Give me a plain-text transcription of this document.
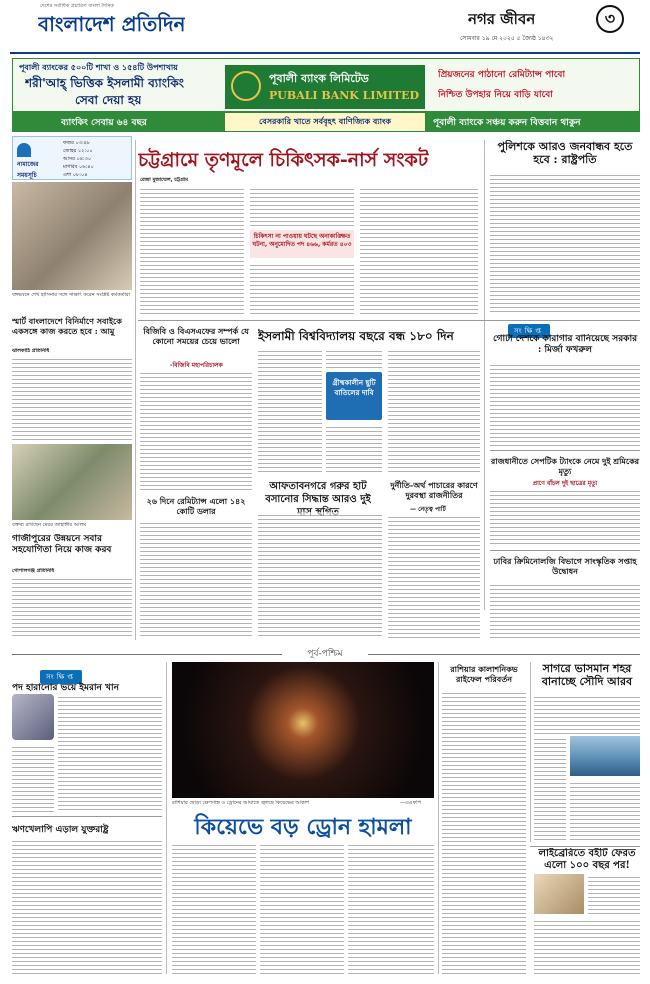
দেশের সর্বাধিক প্রচারিত বাংলা দৈনিক
বাংলাদেশ প্রতিদিন	নগর জীবন
সোমবার ১৯ মে ২০২৫ ৫ জ্যৈষ্ঠ ১৪৩২
৩
পূবালী ব্যাংকের ৫০০টি শাখা ও ১৫৪টি উপশাখায়
শরী'আহ্ ভিত্তিক ইসলামী ব্যাংকিং
সেবা দেয়া হয়
পূবালী ব্যাংক লিমিটেড
PUBALI BANK LIMITED
প্রিয়জনের পাঠানো রেমিট্যান্স পাবো
নিশ্চিত উপহার নিয়ে বাড়ি যাবো
ব্যাংকিং সেবায় ৬৪ বছর	বেসরকারি খাতে সর্ববৃহৎ বাণিজ্যিক ব্যাংক	পূবালী ব্যাংকে সঞ্চয় করুন বিত্তবান থাকুন
নামাজের সময়সূচি
ফজর ০৩:৪৮
জোহর ১২:০০
আসর ০৪:৩০
মাগরিব ০৬:৪০
এশা ০৮:০৪
বঙ্গভবনে শেখ হাসিনার সঙ্গে সাক্ষাৎ করেন সংশ্লিষ্ট কর্মকর্তারা
চট্টগ্রামে তৃণমূলে চিকিৎসক-নার্স সংকট
রেজা মুজাম্মেল, চট্টগ্রাম
চিকিৎসা না পাওয়ায় ঘটছে অনাকাঙ্ক্ষিত ঘটনা, অনুমোদিত পদ ৪৬৬, কর্মরত ৪০৩
পুলিশকে আরও জনবান্ধব হতে হবে : রাষ্ট্রপতি
স্মার্ট বাংলাদেশে বিনির্মাণে সবাইকে একসঙ্গে কাজ করতে হবে : আমু
ঝালকাঠি প্রতিনিধি
বক্তব্য রাখছেন মেয়র জাহাঙ্গীর আলম
গাজীপুরের উন্নয়নে সবার সহযোগিতা নিয়ে কাজ করব
গোপালগঞ্জ প্রতিনিধি
বিজিবি ও বিএসএফের সম্পর্ক যে কোনো সময়ের চেয়ে ভালো
-বিজিবি মহাপরিচালক
ইসলামী বিশ্ববিদ্যালয় বছরে বন্ধ ১৮০ দিন
গ্রীষ্মকালীন ছুটি বাতিলের দাবি
সংক্ষিপ্ত
গোটা দেশকে কারাগার বানিয়েছে সরকার : মির্জা ফখরুল
রাজধানীতে সেপটিক ট্যাংকে নেমে দুই শ্রমিকের মৃত্যু
প্রাণে বাঁচল দুই ছাত্রের মৃত্যু
ঢাবির ক্রিমিনোলজি বিভাগে সাংস্কৃতিক সপ্তাহ উদ্বোধন
২৬ দিনে রেমিট্যান্স এলো ১৪২ কোটি ডলার
আফতাবনগরে গরুর হাট বসানোর সিদ্ধান্ত আরও দুই
দুর্নীতি-অর্থ পাচারের কারণে দুরবস্থা রাজনীতির
— নেতৃত্ব পার্টি
পূর্ব-পশ্চিম
সংক্ষিপ্ত
পদ হারানোর ভয়ে ইমরান খান
ঋণখেলাপি এড়াল যুক্তরাষ্ট্র
রাশিয়ার ছোড়া ক্ষেপণাস্ত্র ও ড্রোনের আঘাতে জ্বলছে কিয়েভের আকাশ	—এএফপি
কিয়েভে বড় ড্রোন হামলা
রাশিয়ার কালাশনিকভ রাইফেল পরিবর্তন
সাগরে ভাসমান শহর বানাচ্ছে সৌদি আরব
লাইব্রেরিতে বইটি ফেরত এলো ১০০ বছর পর!
